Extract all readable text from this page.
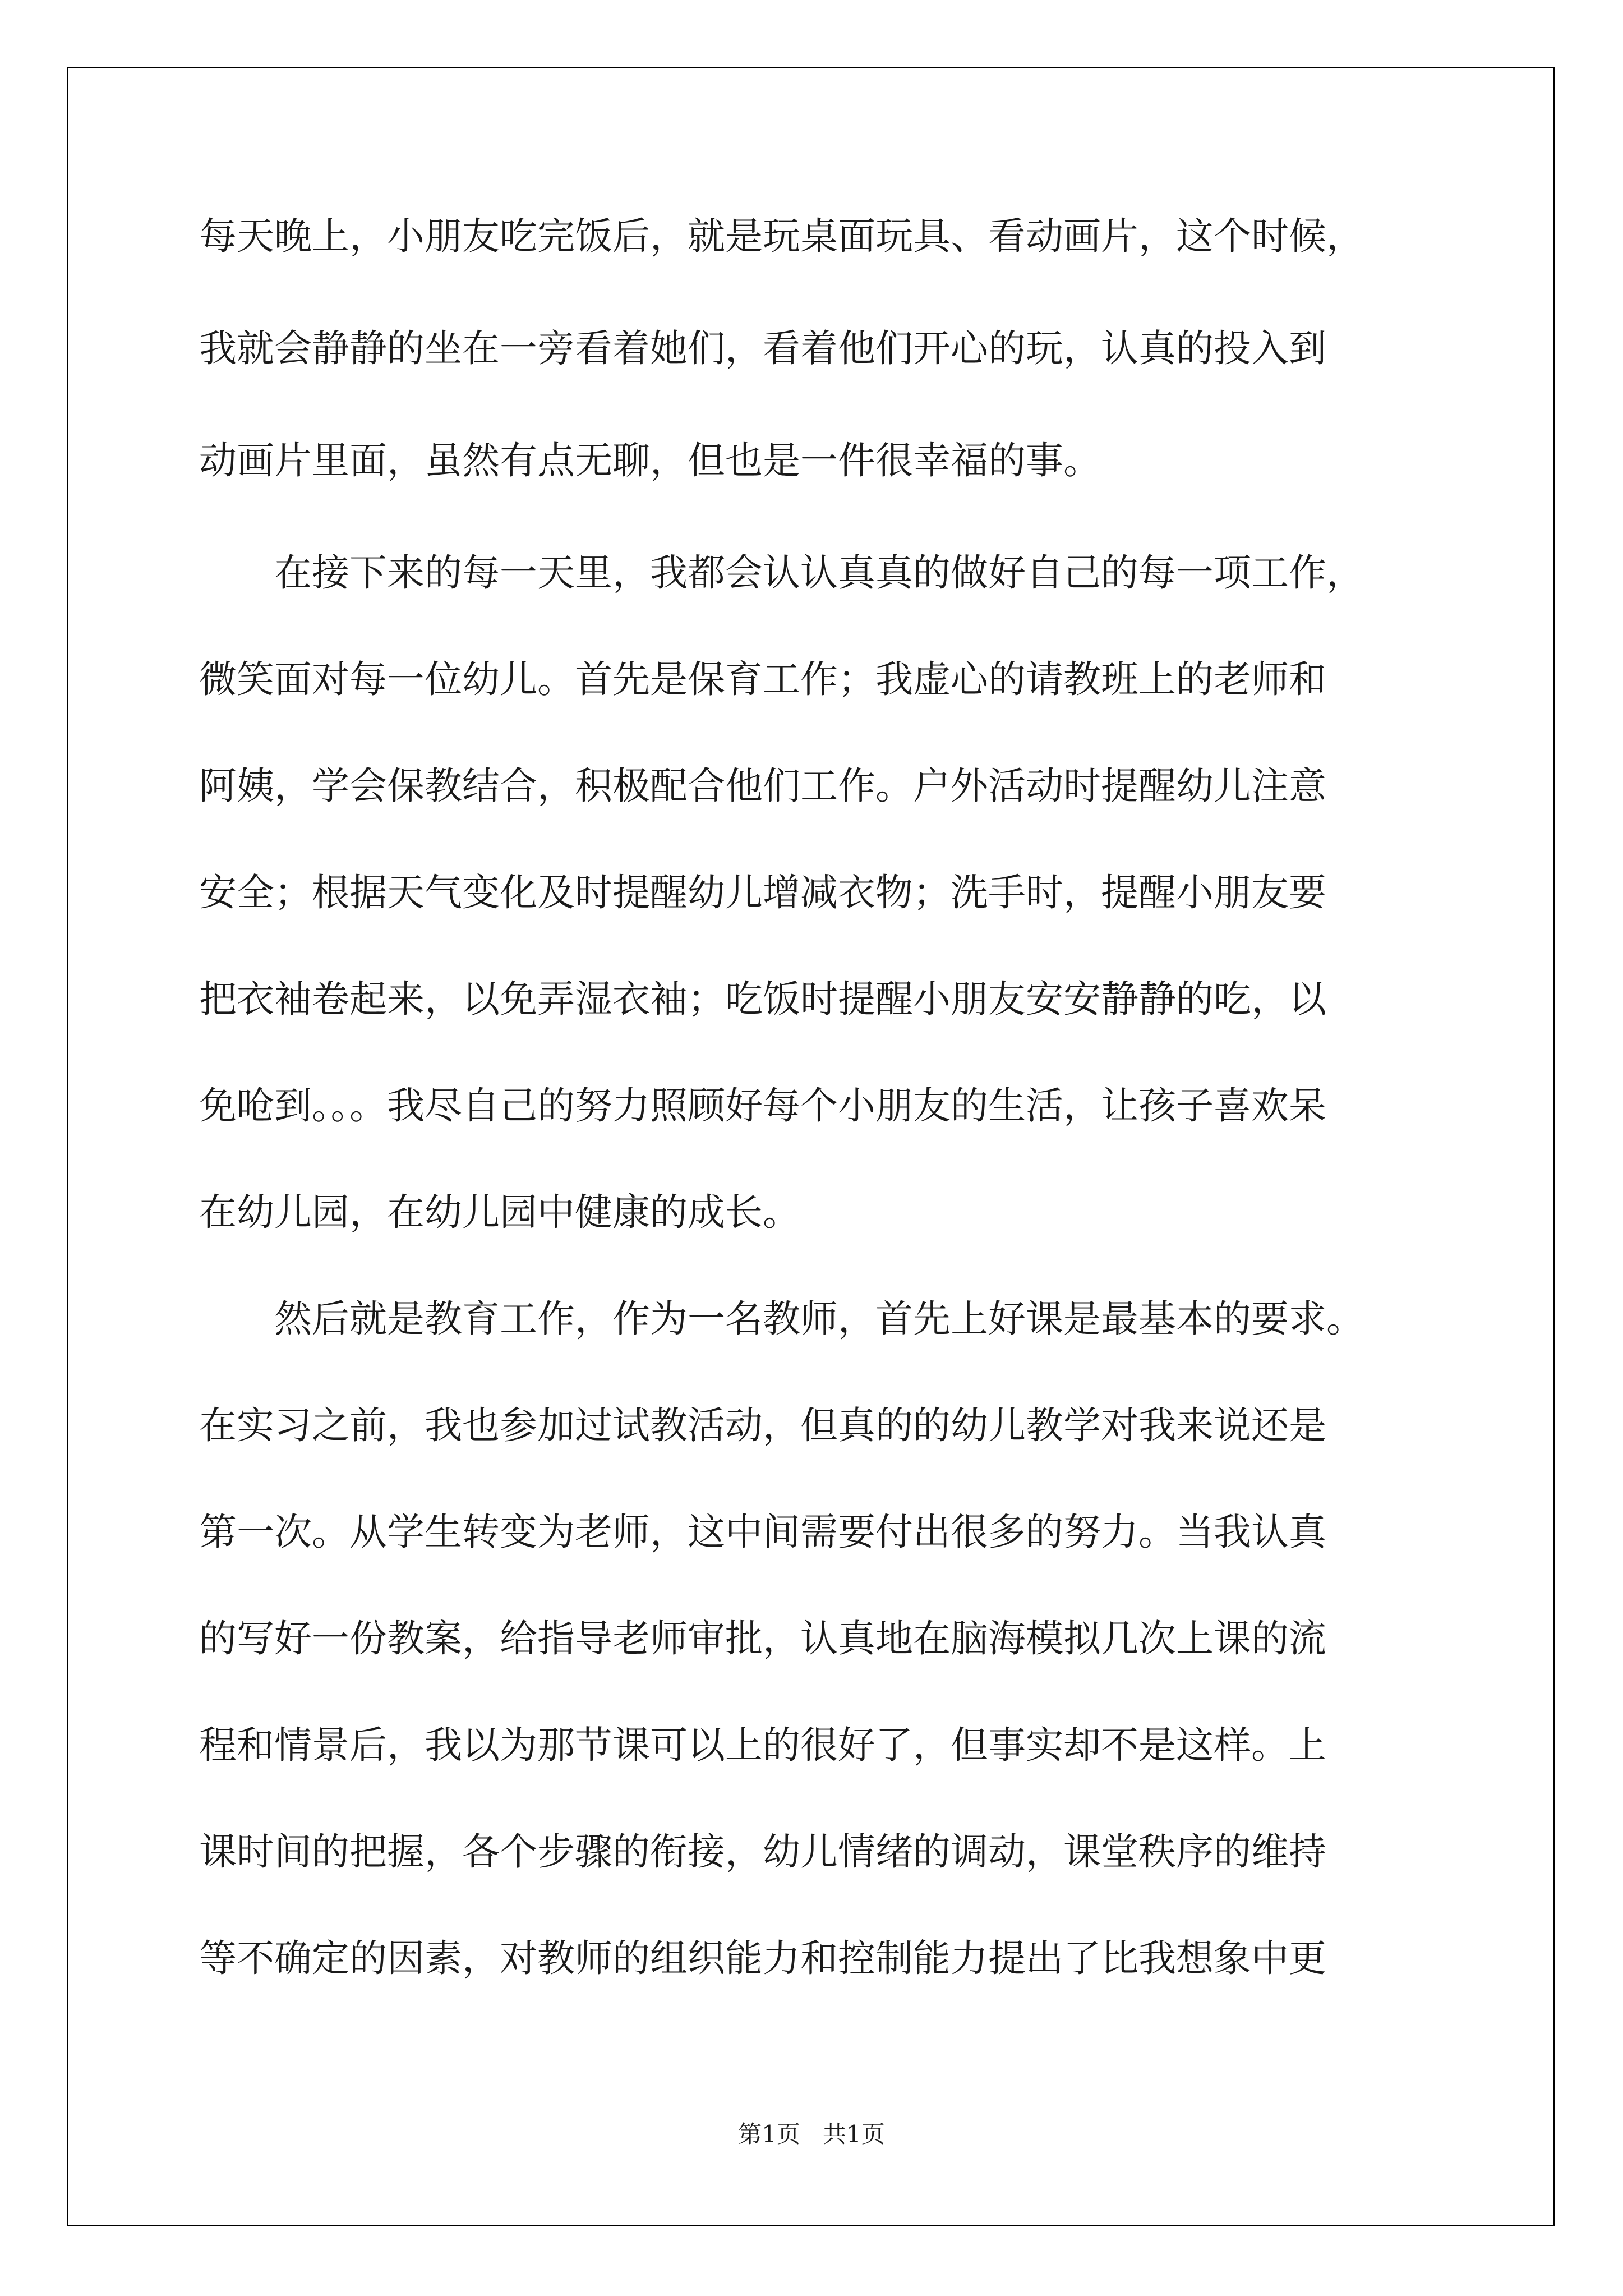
每天晚上，小朋友吃完饭后，就是玩桌面玩具、看动画片，这个时候，

我就会静静的坐在一旁看着她们，看着他们开心的玩，认真的投入到

动画片里面，虽然有点无聊，但也是一件很幸福的事。

在接下来的每一天里，我都会认认真真的做好自己的每一项工作，

微笑面对每一位幼儿。首先是保育工作；我虚心的请教班上的老师和

阿姨，学会保教结合，积极配合他们工作。户外活动时提醒幼儿注意

安全；根据天气变化及时提醒幼儿增减衣物；洗手时，提醒小朋友要

把衣袖卷起来，以免弄湿衣袖；吃饭时提醒小朋友安安静静的吃，以

免呛到。。。我尽自己的努力照顾好每个小朋友的生活，让孩子喜欢呆

在幼儿园，在幼儿园中健康的成长。

然后就是教育工作，作为一名教师，首先上好课是最基本的要求。

在实习之前，我也参加过试教活动，但真的的幼儿教学对我来说还是

第一次。从学生转变为老师，这中间需要付出很多的努力。当我认真

的写好一份教案，给指导老师审批，认真地在脑海模拟几次上课的流

程和情景后，我以为那节课可以上的很好了，但事实却不是这样。上

课时间的把握，各个步骤的衔接，幼儿情绪的调动，课堂秩序的维持

等不确定的因素，对教师的组织能力和控制能力提出了比我想象中更

第1页   共1页
